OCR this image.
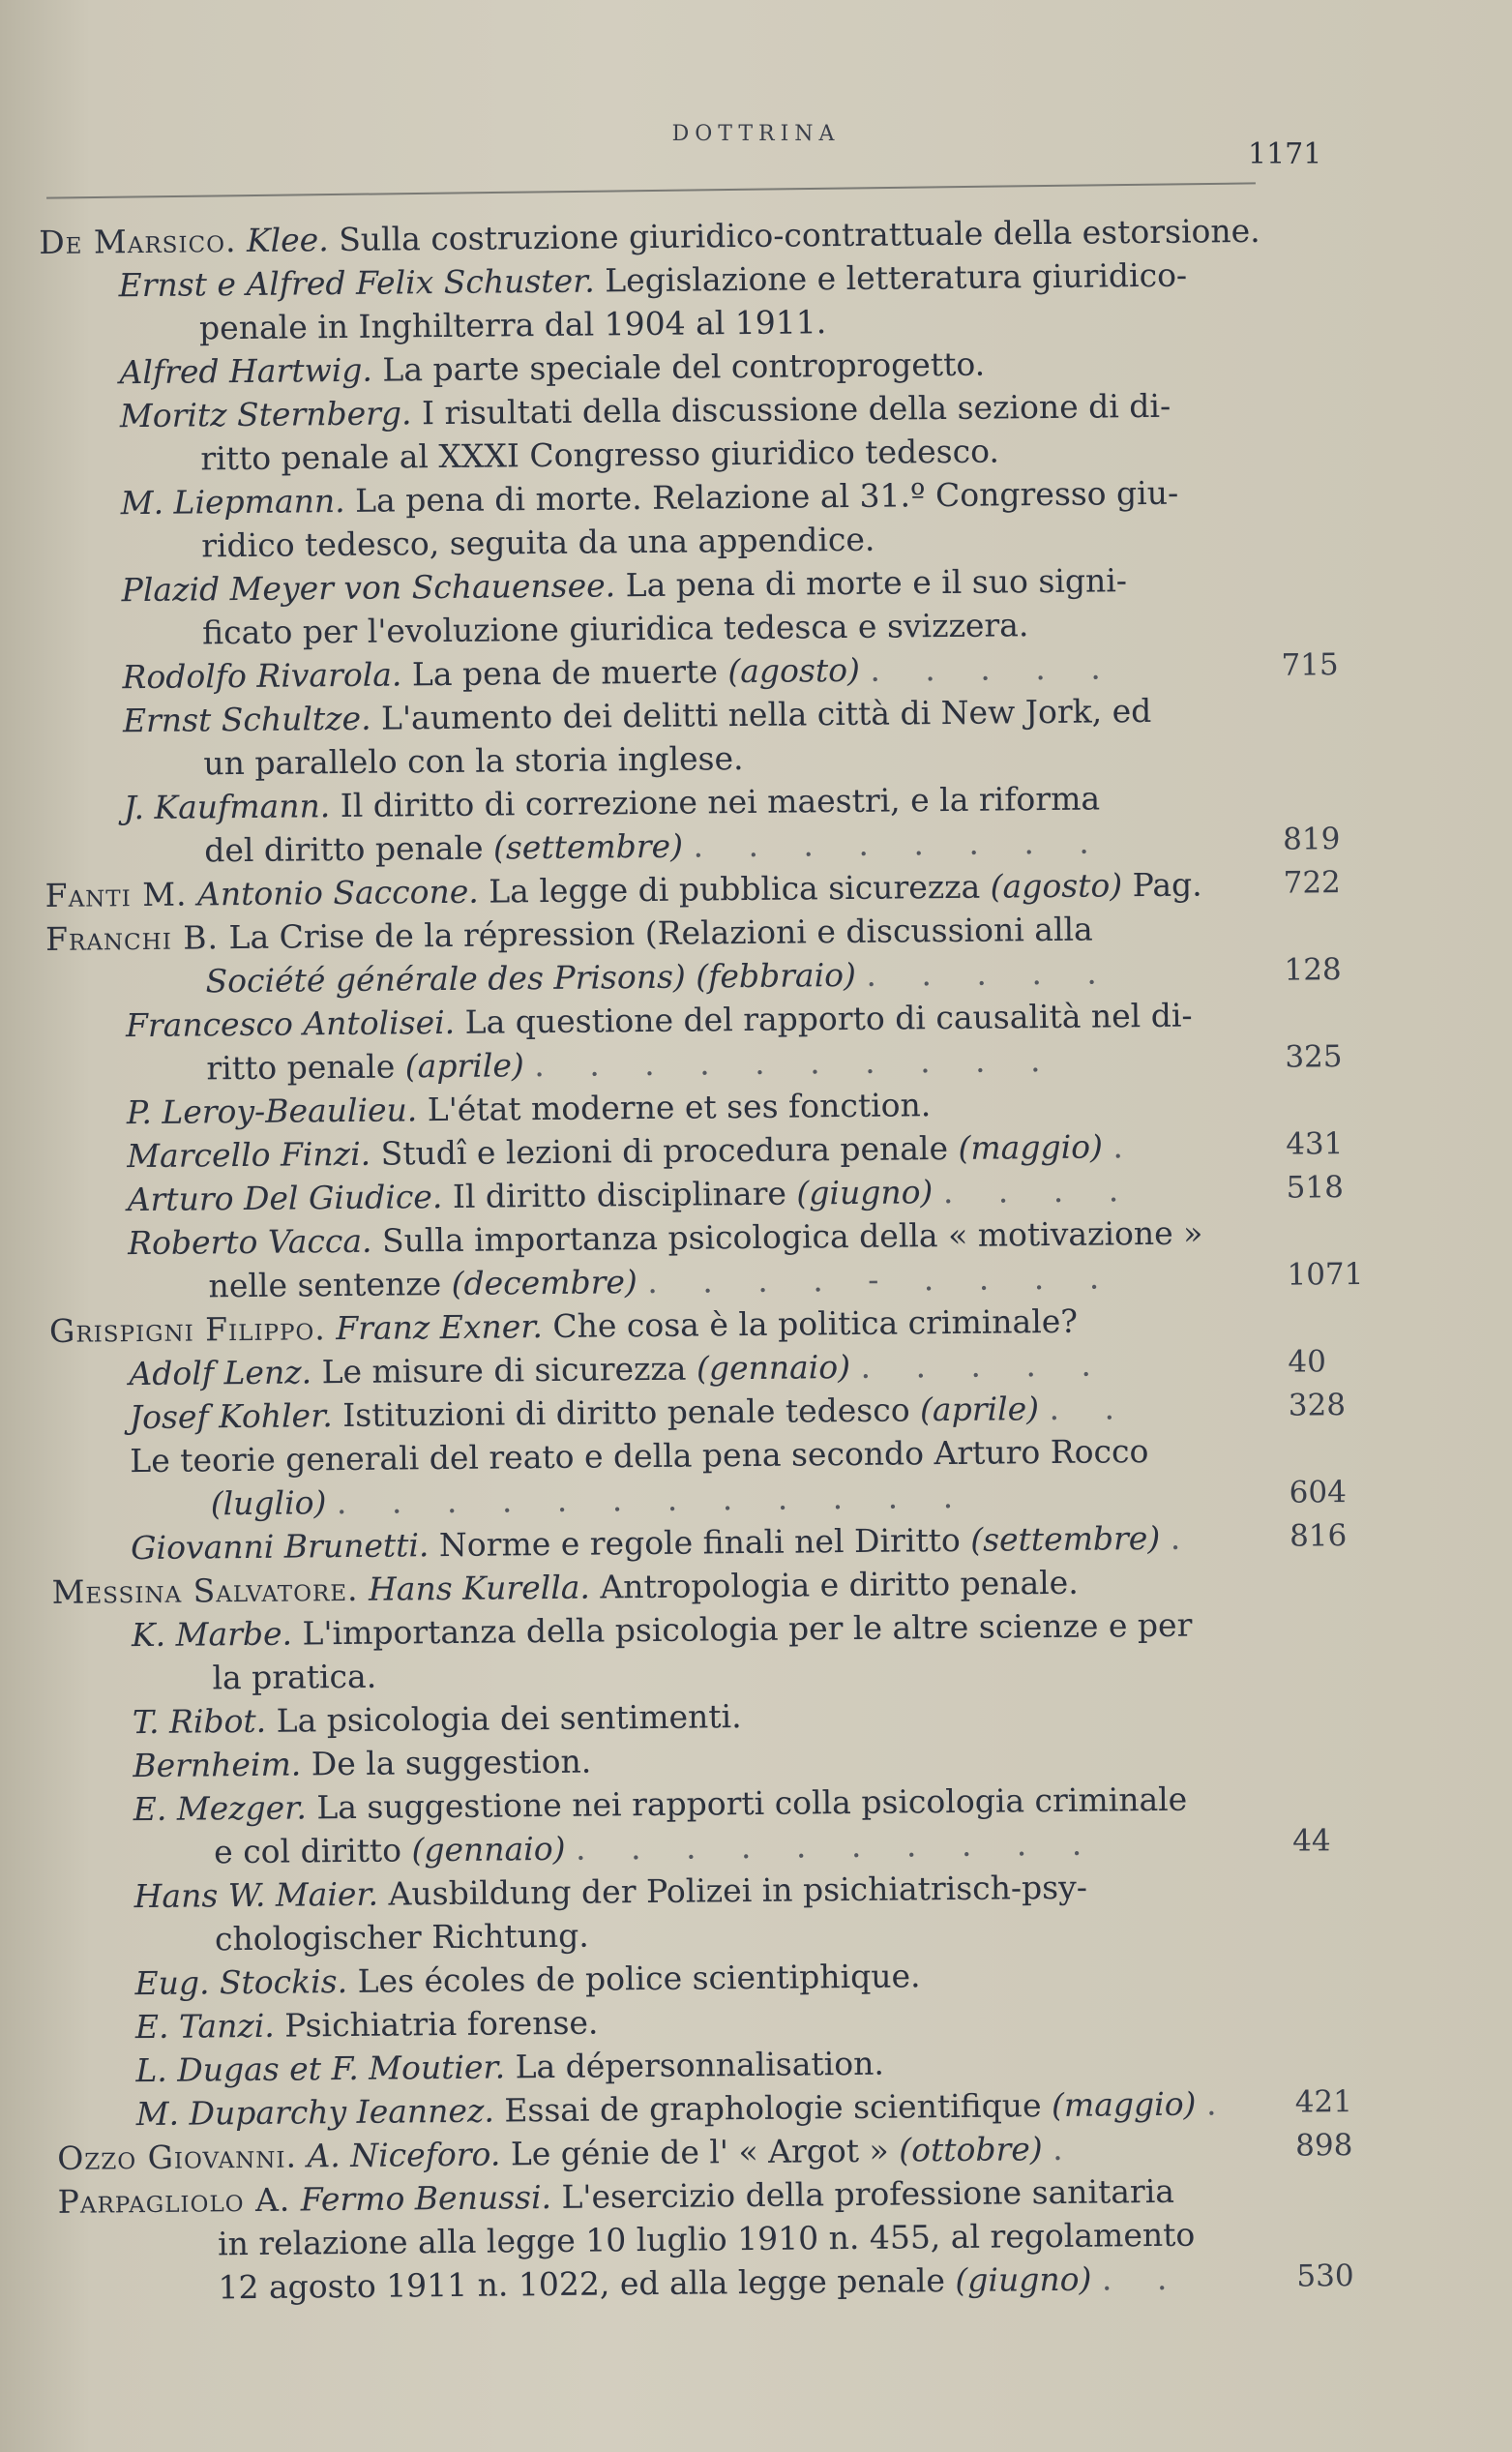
DOTTRINA
1171
De Marsico. Klee. Sulla costruzione giuridico-contrattuale della estorsione.
Ernst e Alfred Felix Schuster. Legislazione e letteratura giuridico-
penale in Inghilterra dal 1904 al 1911.
Alfred Hartwig. La parte speciale del controprogetto.
Moritz Sternberg. I risultati della discussione della sezione di di-
ritto penale al XXXI Congresso giuridico tedesco.
M. Liepmann. La pena di morte. Relazione al 31.º Congresso giu-
ridico tedesco, seguita da una appendice.
Plazid Meyer von Schauensee. La pena di morte e il suo signi-
ficato per l'evoluzione giuridica tedesca e svizzera.
Rodolfo Rivarola. La pena de muerte (agosto) . . . . .	715
Ernst Schultze. L'aumento dei delitti nella città di New Jork, ed
un parallelo con la storia inglese.
J. Kaufmann. Il diritto di correzione nei maestri, e la riforma
del diritto penale (settembre) . . . . . . . .	819
Fanti M. Antonio Saccone. La legge di pubblica sicurezza (agosto) Pag.	722
Franchi B. La Crise de la répression (Relazioni e discussioni alla
Société générale des Prisons) (febbraio) . . . . .	128
Francesco Antolisei. La questione del rapporto di causalità nel di-
ritto penale (aprile) . . . . . . . . . .	325
P. Leroy-Beaulieu. L'état moderne et ses fonction.
Marcello Finzi. Studî e lezioni di procedura penale (maggio) .	431
Arturo Del Giudice. Il diritto disciplinare (giugno) . . . .	518
Roberto Vacca. Sulla importanza psicologica della « motivazione »
nelle sentenze (decembre) . . . . - . . . .	1071
Grispigni Filippo. Franz Exner. Che cosa è la politica criminale?
Adolf Lenz. Le misure di sicurezza (gennaio) . . . . .	40
Josef Kohler. Istituzioni di diritto penale tedesco (aprile) . .	328
Le teorie generali del reato e della pena secondo Arturo Rocco
(luglio) . . . . . . . . . . . .	604
Giovanni Brunetti. Norme e regole finali nel Diritto (settembre) .	816
Messina Salvatore. Hans Kurella. Antropologia e diritto penale.
K. Marbe. L'importanza della psicologia per le altre scienze e per
la pratica.
T. Ribot. La psicologia dei sentimenti.
Bernheim. De la suggestion.
E. Mezger. La suggestione nei rapporti colla psicologia criminale
e col diritto (gennaio) . . . . . . . . . .	44
Hans W. Maier. Ausbildung der Polizei in psichiatrisch-psy-
chologischer Richtung.
Eug. Stockis. Les écoles de police scientiphique.
E. Tanzi. Psichiatria forense.
L. Dugas et F. Moutier. La dépersonnalisation.
M. Duparchy Ieannez. Essai de graphologie scientifique (maggio) . 421
Ozzo Giovanni. A. Niceforo. Le génie de l' « Argot » (ottobre) .	898
Parpagliolo A. Fermo Benussi. L'esercizio della professione sanitaria
in relazione alla legge 10 luglio 1910 n. 455, al regolamento
12 agosto 1911 n. 1022, ed alla legge penale (giugno) . .	530
